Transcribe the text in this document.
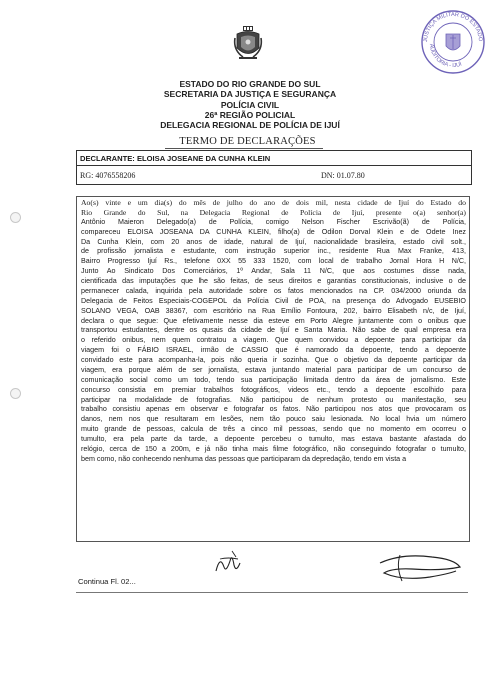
JUSTIÇA MILITAR DO ESTADO
AUDITORIA - IJUÍ
ESTADO DO RIO GRANDE DO SUL
SECRETARIA DA JUSTIÇA E SEGURANÇA
POLÍCIA CIVIL
26ª REGIÃO POLICIAL
DELEGACIA REGIONAL DE POLÍCIA DE IJUÍ
TERMO DE DECLARAÇÕES
DECLARANTE: ELOISA JOSEANE DA CUNHA KLEIN
RG: 4076558206	DN: 01.07.80
Ao(s) vinte e um dia(s) do mês de julho do ano de dois mil, nesta cidade de Ijuí do Estado do
Rio Grande do Sul, na Delegacia Regional de Polícia de Ijuí, presente o(a) senhor(a)
Antônio Maieron Delegado(a) de Polícia, comigo Nelson Fischer Escrivão(ã) de Polícia,
compareceu ELOISA JOSEANA DA CUNHA KLEIN, filho(a) de Odilon Dorval Klein e de Odete Inez
Da Cunha Klein, com 20 anos de idade, natural de Ijuí, nacionalidade brasileira, estado civil solt.,
de profissão jornalista e estudante, com instrução superior inc., residente Rua Max Franke, 413,
Bairro Progresso Ijuí Rs., telefone 0XX 55 333 1520, com local de trabalho Jornal Hora H N/C,
Junto Ao Sindicato Dos Comerciários, 1º Andar, Sala 11 N/C, que aos costumes disse nada,
cientificada das imputações que lhe são feitas, de seus direitos e garantias constitucionais, inclusive o de
permanecer calada, inquirida pela autoridade sobre os fatos mencionados na CP. 034/2000 oriunda da
Delegacia de Feitos Especiais-COGEPOL da Polícia Civil de POA, na presença do Advogado EUSEBIO
SOLANO VEGA, OAB 38367, com escritório na Rua Emílio Fontoura, 202, bairro Elisabeth n/c, de Ijuí,
declara o que segue: Que efetivamente nesse dia esteve em Porto Alegre juntamente com o onibus que
transportou estudantes, dentre os qusais da cidade de Ijuí e Santa Maria. Não sabe de qual empresa era
o referido onibus, nem quem contratou a viagem. Que quem convidou a depoente para participar da
viagem foi o FÁBIO ISRAEL, irmão de CASSIO que é namorado da depoente, tendo a depoente
convidado este para acompanha-la, pois não queria ir sozinha. Que o objetivo da depoente participar da
viagem, era porque além de ser jornalista, estava juntando material para participar de um concurso de
comunicação social como um todo, tendo sua participação limitada dentro da área de jornalismo. Este
concurso consistia em premiar trabalhos fotográficos, videos etc., tendo a depoente escolhido para
participar na modalidade de fotografias. Não participou de nenhum protesto ou manifestação, seu
trabalho consistiu apenas em observar e fotografar os fatos. Não participou nos atos que provocaram os
danos, nem nos que resultaram em lesões, nem tão pouco saiu lesionada. No local hvia um número
muito grande de pessoas, calcula de três a cinco mil pessoas, sendo que no momento em ocorreu o
tumulto, era pela parte da tarde, a depoente percebeu o tumulto, mas estava bastante afastada do
relógio, cerca de 150 a 200m, e já não tinha mais filme fotográfico, não conseguindo fotografar o tumulto,
bem como, não conhecendo nenhuma das pessoas que participaram da depredação, tendo em vista a
Continua Fl. 02...
